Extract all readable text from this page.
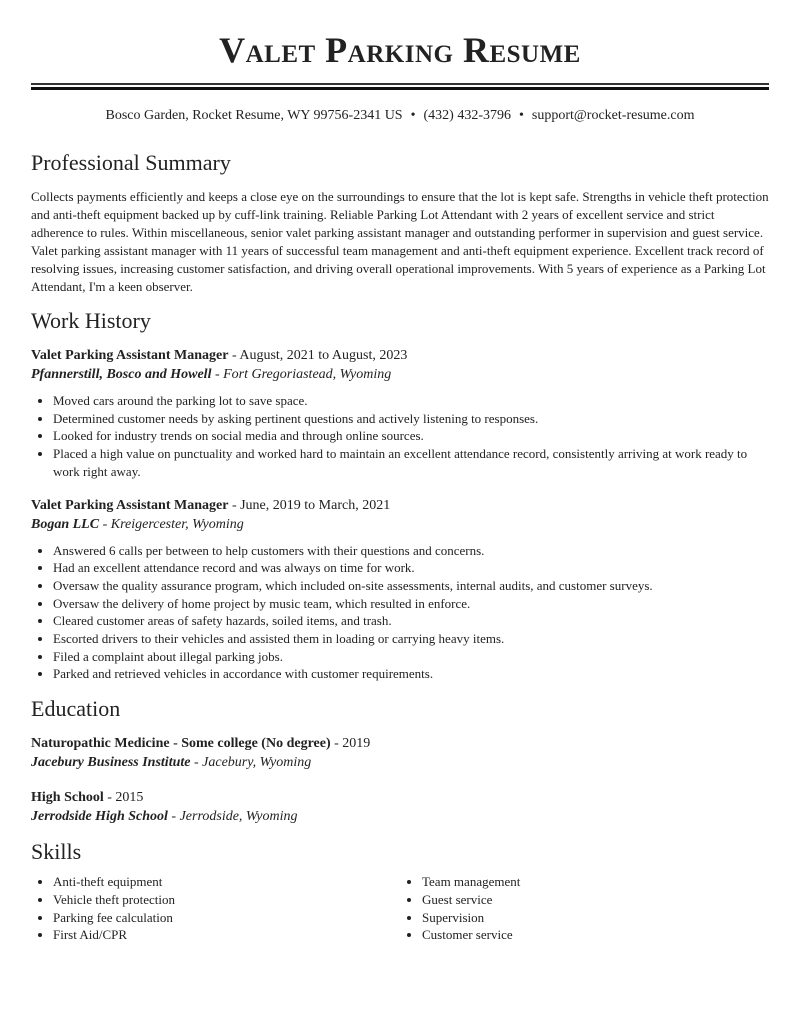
Valet Parking Resume
Bosco Garden, Rocket Resume, WY 99756-2341 US • (432) 432-3796 • support@rocket-resume.com
Professional Summary

Collects payments efficiently and keeps a close eye on the surroundings to ensure that the lot is kept safe. Strengths in vehicle theft protection and anti-theft equipment backed up by cuff-link training. Reliable Parking Lot Attendant with 2 years of excellent service and strict adherence to rules. Within miscellaneous, senior valet parking assistant manager and outstanding performer in supervision and guest service. Valet parking assistant manager with 11 years of successful team management and anti-theft equipment experience. Excellent track record of resolving issues, increasing customer satisfaction, and driving overall operational improvements. With 5 years of experience as a Parking Lot Attendant, I'm a keen observer.

Work History
Valet Parking Assistant Manager - August, 2021 to August, 2023
Pfannerstill, Bosco and Howell - Fort Gregoriastead, Wyoming
• Moved cars around the parking lot to save space.
• Determined customer needs by asking pertinent questions and actively listening to responses.
• Looked for industry trends on social media and through online sources.
• Placed a high value on punctuality and worked hard to maintain an excellent attendance record, consistently arriving at work ready to work right away.
Valet Parking Assistant Manager - June, 2019 to March, 2021
Bogan LLC - Kreigercester, Wyoming
• Answered 6 calls per between to help customers with their questions and concerns.
• Had an excellent attendance record and was always on time for work.
• Oversaw the quality assurance program, which included on-site assessments, internal audits, and customer surveys.
• Oversaw the delivery of home project by music team, which resulted in enforce.
• Cleared customer areas of safety hazards, soiled items, and trash.
• Escorted drivers to their vehicles and assisted them in loading or carrying heavy items.
• Filed a complaint about illegal parking jobs.
• Parked and retrieved vehicles in accordance with customer requirements.
Education
Naturopathic Medicine - Some college (No degree) - 2019
Jacebury Business Institute - Jacebury, Wyoming
High School - 2015
Jerrodside High School - Jerrodside, Wyoming
Skills
• Anti-theft equipment
• Vehicle theft protection
• Parking fee calculation
• First Aid/CPR
• Team management
• Guest service
• Supervision
• Customer service
